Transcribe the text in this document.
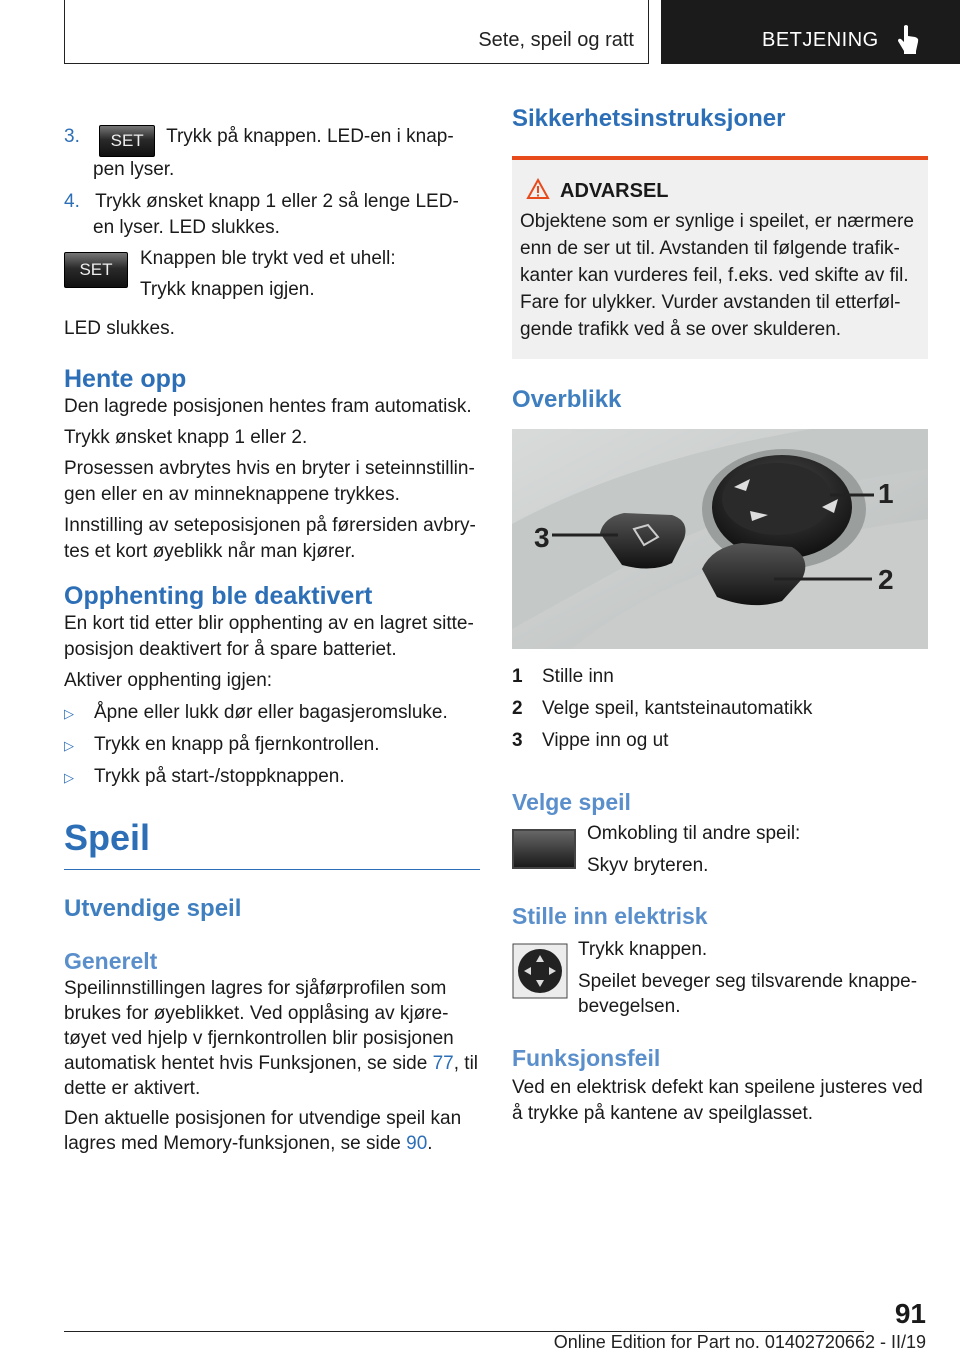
Sete, speil og ratt	BETJENING
3. SET Trykk på knappen. LED-en i knap-
pen lyser.
4. Trykk ønsket knapp 1 eller 2 så lenge LED-
en lyser. LED slukkes.
SET
Knappen ble trykt ved et uhell:
Trykk knappen igjen.
LED slukkes.
Hente opp
Den lagrede posisjonen hentes fram automatisk.
Trykk ønsket knapp 1 eller 2.
Prosessen avbrytes hvis en bryter i seteinnstillin-
gen eller en av minneknappene trykkes.
Innstilling av seteposisjonen på førersiden avbry-
tes et kort øyeblikk når man kjører.
Opphenting ble deaktivert
En kort tid etter blir opphenting av en lagret sitte-
posisjon deaktivert for å spare batteriet.
Aktiver opphenting igjen:
▷ Åpne eller lukk dør eller bagasjeromsluke.
▷ Trykk en knapp på fjernkontrollen.
▷ Trykk på start-/stoppknappen.
Speil
Utvendige speil
Generelt
Speilinnstillingen lagres for sjåførprofilen som
brukes for øyeblikket. Ved opplåsing av kjøre-
tøyet ved hjelp v fjernkontrollen blir posisjonen
automatisk hentet hvis Funksjonen, se side 77, til
dette er aktivert.
Den aktuelle posisjonen for utvendige speil kan
lagres med Memory-funksjonen, se side 90.
Sikkerhetsinstruksjoner
ADVARSEL
Objektene som er synlige i speilet, er nærmere
enn de ser ut til. Avstanden til følgende trafik-
kanter kan vurderes feil, f.eks. ved skifte av fil.
Fare for ulykker. Vurder avstanden til etterføl-
gende trafikk ved å se over skulderen.
Overblikk
1
3
2
1 Stille inn
2 Velge speil, kantsteinautomatikk
3 Vippe inn og ut
Velge speil
Omkobling til andre speil:
Skyv bryteren.
Stille inn elektrisk
Trykk knappen.
Speilet beveger seg tilsvarende knappe-
bevegelsen.
Funksjonsfeil
Ved en elektrisk defekt kan speilene justeres ved
å trykke på kantene av speilglasset.
91
Online Edition for Part no. 01402720662 - II/19
